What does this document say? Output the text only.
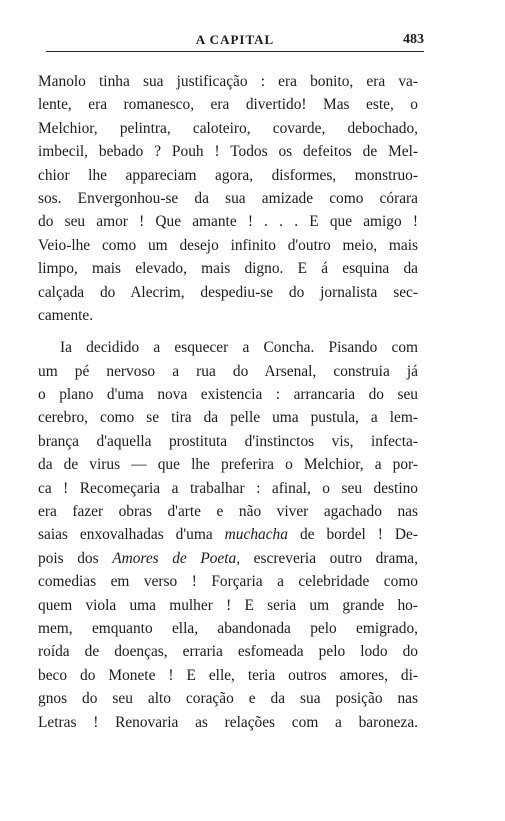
A CAPITAL	483
Manolo tinha sua justificação : era bonito, era va-
lente, era romanesco, era divertido! Mas este, o
Melchior, pelintra, caloteiro, covarde, debochado,
imbecil, bebado ? Pouh ! Todos os defeitos de Mel-
chior lhe appareciam agora, disformes, monstruo-
sos. Envergonhou-se da sua amizade como córara
do seu amor ! Que amante ! . . . E que amigo !
Veio-lhe como um desejo infinito d'outro meio, mais
limpo, mais elevado, mais digno. E á esquina da
calçada do Alecrim, despediu-se do jornalista sec-
camente.
Ia decidido a esquecer a Concha. Pisando com
um pé nervoso a rua do Arsenal, construia já
o plano d'uma nova existencia : arrancaria do seu
cerebro, como se tira da pelle uma pustula, a lem-
brança d'aquella prostituta d'instinctos vis, infecta-
da de virus — que lhe preferira o Melchior, a por-
ca ! Recomeçaria a trabalhar : afinal, o seu destino
era fazer obras d'arte e não viver agachado nas
saias enxovalhadas d'uma muchacha de bordel ! De-
pois dos Amores de Poeta, escreveria outro drama,
comedias em verso ! Forçaria a celebridade como
quem viola uma mulher ! E seria um grande ho-
mem, emquanto ella, abandonada pelo emigrado,
roída de doenças, erraria esfomeada pelo lodo do
beco do Monete ! E elle, teria outros amores, di-
gnos do seu alto coração e da sua posição nas
Letras ! Renovaria as relações com a baroneza.
